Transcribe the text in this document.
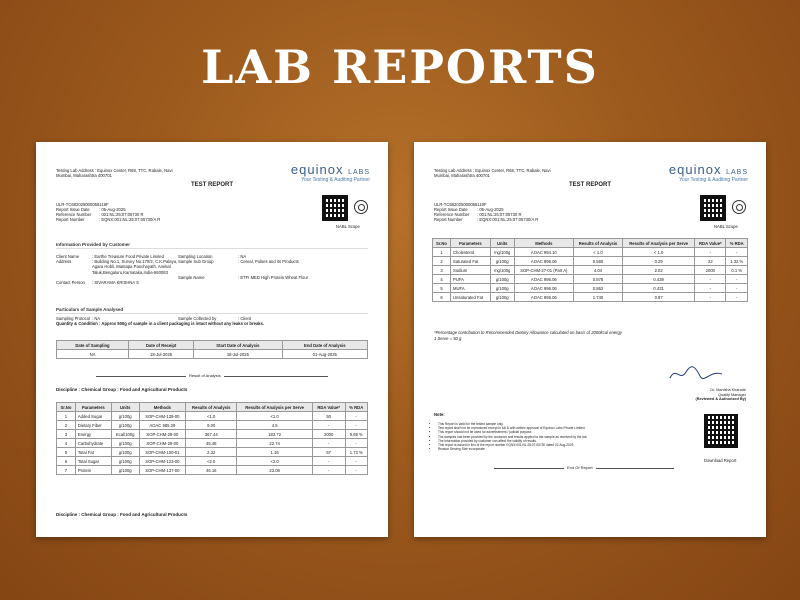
LAB REPORTS
Testing Lab Address : Equinox Center, R68, TTC, Rabale, Navi Mumbai, Maharashtra 400701	equinox LABS
Your Testing & Auditing Partner
TEST REPORT
NABL Scope
ULR-TC682025000056119F
Report Issue Date	: 05-Aug-2025
Reference Number	: 001:NL:25:07:05730 R
Report Number	: EQNX:001:NL:25:07:05730/A R
Information Provided by Customer
Client Name	: Earthe Treasure Food Private Limited	Sampling Location	: NA
Address	: Building No.1, Survey No.170/2, C.K.Palaya, Agara Hobli, Mantapa Panchayath, Anekal Taluk,Bengaluru,Karnataka,India-560083
Sample Sub Group	: Cereal, Pulses and its Products
Sample Name	: ETFI MED High Protein Wheat Flour
Contact Person	: SIVARAMA KRISHNA S
Particulars of Sample Analysed
Sampling Protocol : NA	Sample Collected by	: Client
Quantity & Condition : Approx 500g of sample in a client packaging is intact without any leaks or breaks.
Date of Sampling	Date of Receipt	Start Date of Analysis	End Date of Analysis
NA	18-Jul-2025	18-Jul-2025	01-Aug-2025
Result of Analysis
Discipline : Chemical Group : Food and Agricultural Products
Sr.No	Parameters	Units	Methods	Results of Analysis	Results of Analysis per Serve	RDA Value*	% RDA
1	Added Sugar	g/100g	SOP-CHM-139-00	<1.0	<1.0	50	-
2	Dietary Fiber	g/100g	AOAC 985.29	9.00	4.5	-	-
3	Energy	Kcal/100g	SOP-CHM-29-00	367.44	183.72	2000	9.69 %
4	Carbohydrate	g/100g	SOP-CHM-29-00	45.48	22.74	-	-
5	Total Fat	g/100g	SOP-CHM-100-01	2.32	1.16	67	1.73 %
6	Total Sugar	g/100g	SOP-CHM-123-00	<2.0	<2.0	-	-
7	Protein	g/100g	SOP-CHM-137-00	46.16	23.08	-	-
Discipline : Chemical Group : Food and Agricultural Products
Testing Lab Address : Equinox Center, R68, TTC, Rabale, Navi Mumbai, Maharashtra 400701	equinox LABS
Your Testing & Auditing Partner
TEST REPORT
NABL Scope
ULR-TC682025000056119F
Report Issue Date	: 05-Aug-2025
Reference Number	: 001:NL:25:07:05730 R
Report Number	: EQNX:001:NL:25:07:05730/A R
Sr.No	Parameters	Units	Methods	Results of Analysis	Results of Analysis per Serve	RDA Value*	% RDA
1	Cholesterol	mg/100g	AOAC 994.10	< 1.0	< 1.0	-	-
2	Saturated Fat	g/100g	AOAC 996.06	0.560	0.29	22	1.32 %
3	Sodium	mg/100g	SOP-CHM-27-01 (Part A)	4.04	2.02	2000	0.1 %
4	PUFA	g/100g	AOAC 996.06	0.878	0.439	-	-
5	MUFA	g/100g	AOAC 996.06	0.862	0.431	-	-
6	Unsaturated Fat	g/100g	AOAC 996.06	1.740	0.87	-	-
*Percentage contribution to Recommended Dietary Allowance calculated on basis of 2000kcal energy
1 Serve = 50 g
Dr. Manisha Kharade
Quality Manager
(Reviewed & Authorized By)
Note:
• This Report is Valid for the tested sample only.
• Test report shall not be reproduced except in full & with written approval of Equinox Labs Private Limited.
• This report should not be used for advertisement / judicial purpose.
• The samples has been provided by the customer and results applied to the sample as received by the lab.
• The information provided by customer can affect the validity of results.
• This report is issued in lieu of the report number EQNX:001:NL:25:07:05730 dated 02-Aug-2025
• Reason Serving Size Incorporate
Download Report
End Of Report
